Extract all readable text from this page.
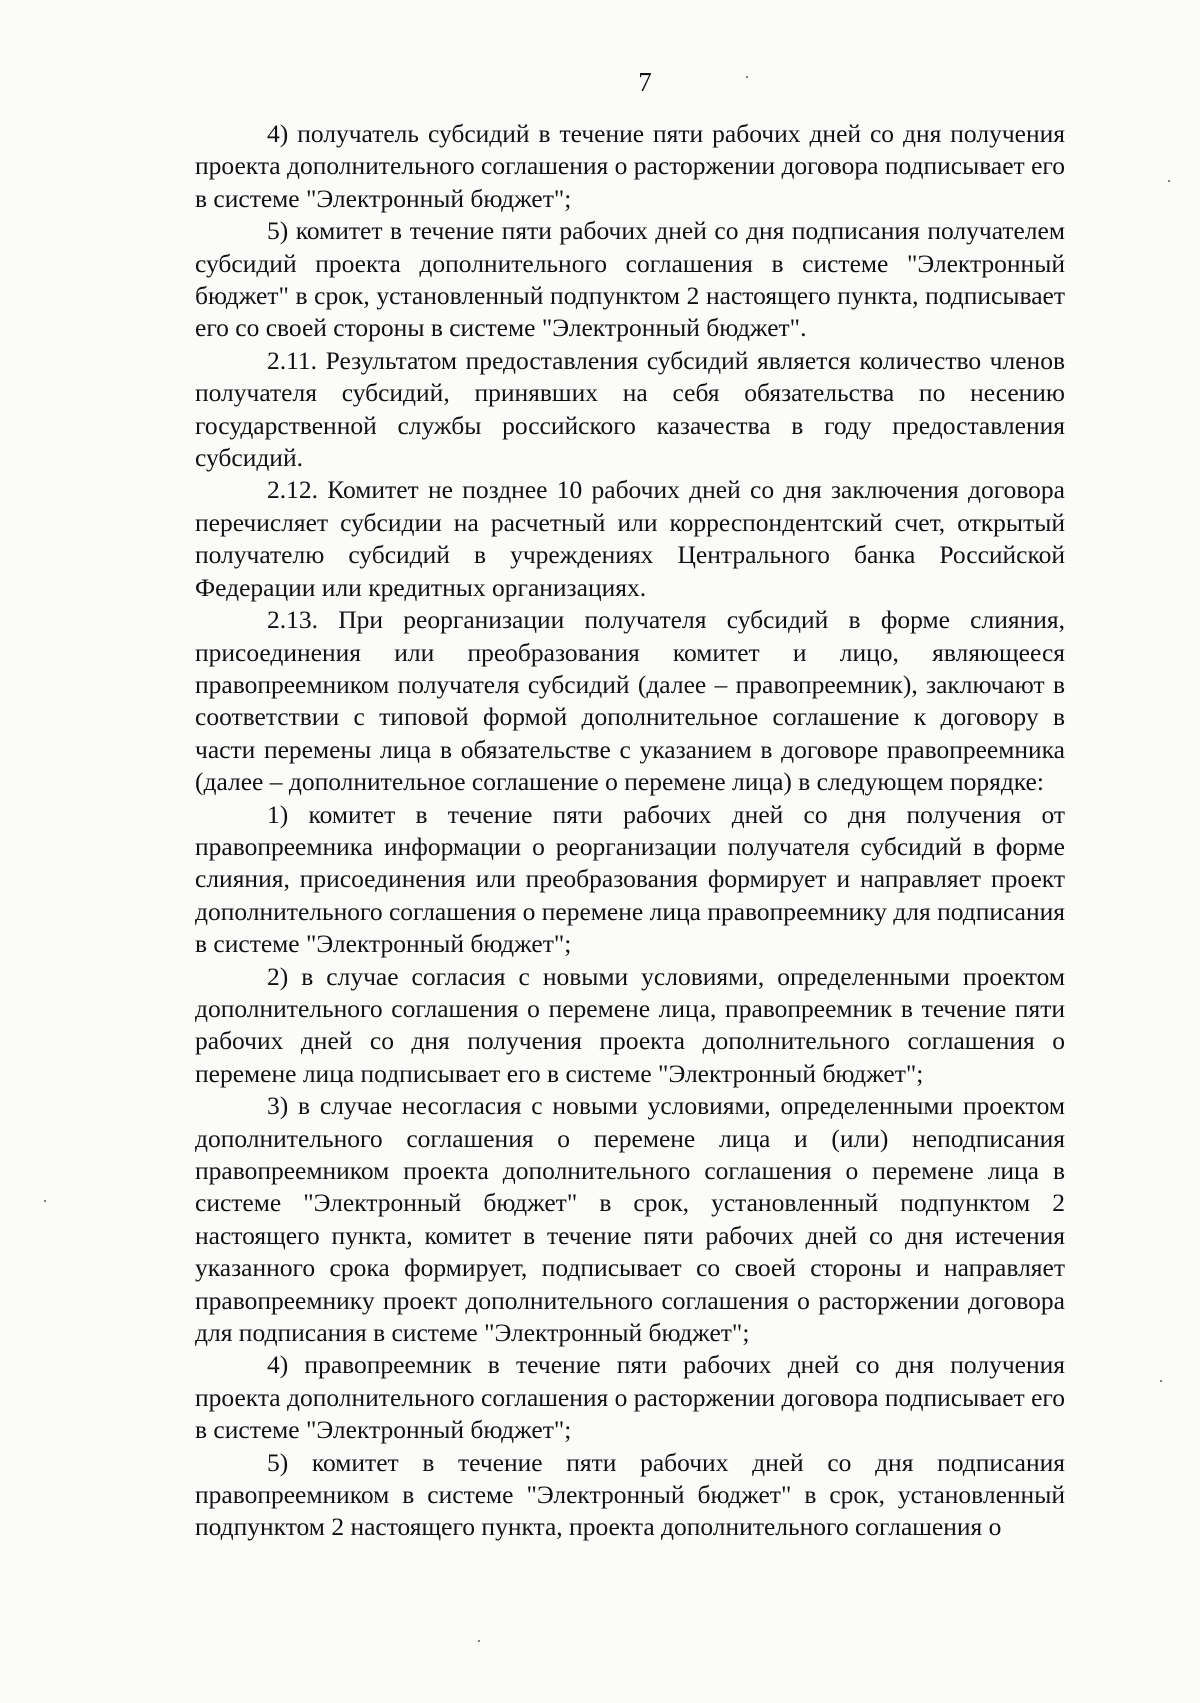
7

4) получатель субсидий в течение пяти рабочих дней со дня получения проекта дополнительного соглашения о расторжении договора подписывает его в системе "Электронный бюджет";

5) комитет в течение пяти рабочих дней со дня подписания получателем субсидий проекта дополнительного соглашения в системе "Электронный бюджет" в срок, установленный подпунктом 2 настоящего пункта, подписывает его со своей стороны в системе "Электронный бюджет".

2.11. Результатом предоставления субсидий является количество членов получателя субсидий, принявших на себя обязательства по несению государственной службы российского казачества в году предоставления субсидий.

2.12. Комитет не позднее 10 рабочих дней со дня заключения договора перечисляет субсидии на расчетный или корреспондентский счет, открытый получателю субсидий в учреждениях Центрального банка Российской Федерации или кредитных организациях.

2.13. При реорганизации получателя субсидий в форме слияния, присоединения или преобразования комитет и лицо, являющееся правопреемником получателя субсидий (далее – правопреемник), заключают в соответствии с типовой формой дополнительное соглашение к договору в части перемены лица в обязательстве с указанием в договоре правопреемника (далее – дополнительное соглашение о перемене лица) в следующем порядке:

1) комитет в течение пяти рабочих дней со дня получения от правопреемника информации о реорганизации получателя субсидий в форме слияния, присоединения или преобразования формирует и направляет проект дополнительного соглашения о перемене лица правопреемнику для подписания в системе "Электронный бюджет";

2) в случае согласия с новыми условиями, определенными проектом дополнительного соглашения о перемене лица, правопреемник в течение пяти рабочих дней со дня получения проекта дополнительного соглашения о перемене лица подписывает его в системе "Электронный бюджет";

3) в случае несогласия с новыми условиями, определенными проектом дополнительного соглашения о перемене лица и (или) неподписания правопреемником проекта дополнительного соглашения о перемене лица в системе "Электронный бюджет" в срок, установленный подпунктом 2 настоящего пункта, комитет в течение пяти рабочих дней со дня истечения указанного срока формирует, подписывает со своей стороны и направляет правопреемнику проект дополнительного соглашения о расторжении договора для подписания в системе "Электронный бюджет";

4) правопреемник в течение пяти рабочих дней со дня получения проекта дополнительного соглашения о расторжении договора подписывает его в системе "Электронный бюджет";

5) комитет в течение пяти рабочих дней со дня подписания правопреемником в системе "Электронный бюджет" в срок, установленный подпунктом 2 настоящего пункта, проекта дополнительного соглашения о
